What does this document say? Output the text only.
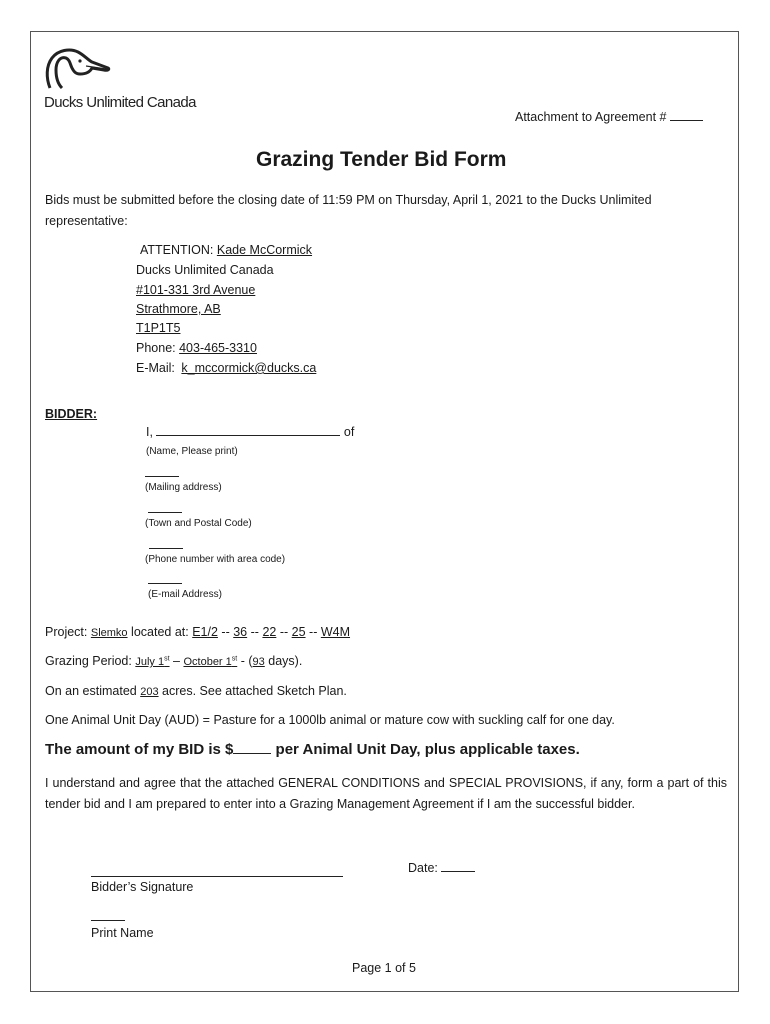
Ducks Unlimited Canada
Attachment to Agreement #
Grazing Tender Bid Form
Bids must be submitted before the closing date of 11:59 PM on Thursday, April 1, 2021 to the Ducks Unlimited representative:
ATTENTION: Kade McCormick
Ducks Unlimited Canada
#101-331 3rd Avenue
Strathmore, AB
T1P1T5
Phone: 403-465-3310
E-Mail: k_mccormick@ducks.ca
BIDDER:
I,	of
(Name, Please print)
(Mailing address)
(Town and Postal Code)
(Phone number with area code)
(E-mail Address)
Project: Slemko located at: E1/2 -- 36 -- 22 -- 25 -- W4M
Grazing Period: July 1st – October 1st - (93 days).
On an estimated 203 acres. See attached Sketch Plan.
One Animal Unit Day (AUD) = Pasture for a 1000lb animal or mature cow with suckling calf for one day.
The amount of my BID is $	per Animal Unit Day, plus applicable taxes.
I understand and agree that the attached GENERAL CONDITIONS and SPECIAL PROVISIONS, if any, form a part of this tender bid and I am prepared to enter into a Grazing Management Agreement if I am the successful bidder.
Bidder’s Signature
Date:
Print Name
Page 1 of 5
